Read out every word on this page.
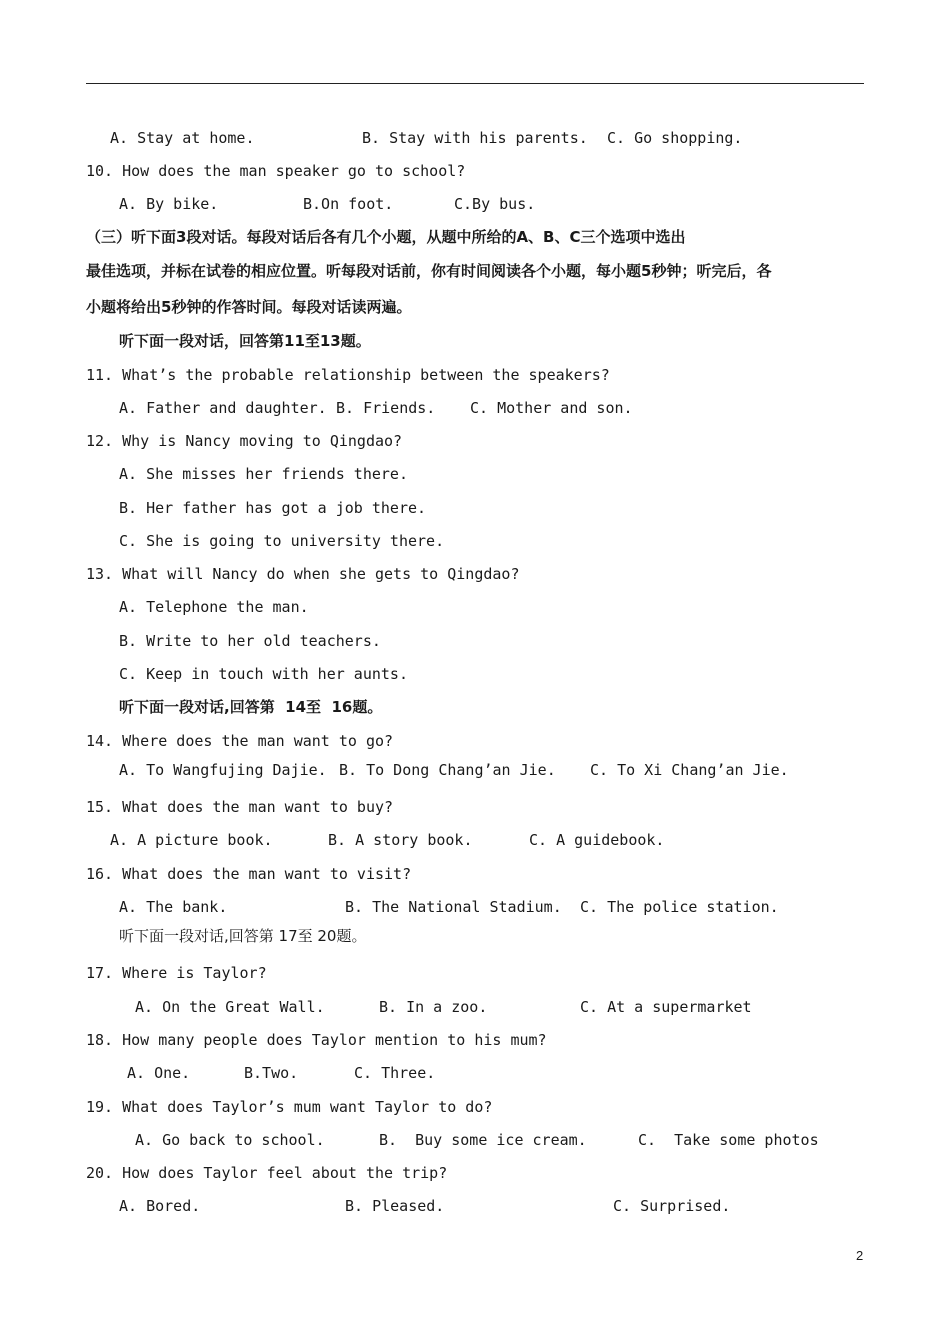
A. Stay at home.	B. Stay with his parents. C. Go shopping.
10. How does the man speaker go to school?
A. By bike.	B.On foot.	C.By bus.
（三）听下面3段对话。每段对话后各有几个小题，从题中所给的A、B、C三个选项中选出
最佳选项，并标在试卷的相应位置。听每段对话前，你有时间阅读各个小题，每小题5秒钟；听完后，各
小题将给出5秒钟的作答时间。每段对话读两遍。
听下面一段对话，回答第11至13题。
11. What’s the probable relationship between the speakers?
A. Father and daughter. B. Friends. C. Mother and son.
12. Why is Nancy moving to Qingdao?
A. She misses her friends there.
B. Her father has got a job there.
C. She is going to university there.
13. What will Nancy do when she gets to Qingdao?
A. Telephone the man.
B. Write to her old teachers.
C. Keep in touch with her aunts.
听下面一段对话,回答第  14至  16题。
14. Where does the man want to go?
A. To Wangfujing Dajie. B. To Dong Chang’an Jie. C. To Xi Chang’an Jie.
15. What does the man want to buy?
A. A picture book.	B. A story book.	C. A guidebook.
16. What does the man want to visit?
A. The bank.	B. The National Stadium. C. The police station.
听下面一段对话,回答第 17至 20题。
17. Where is Taylor?
A. On the Great Wall.	B. In a zoo.	C. At a supermarket
18. How many people does Taylor mention to his mum?
A. One.	B.Two.	C. Three.
19. What does Taylor’s mum want Taylor to do?
A. Go back to school.	B.  Buy some ice cream.	C.  Take some photos
20. How does Taylor feel about the trip?
A. Bored.	B. Pleased.	C. Surprised.
2
